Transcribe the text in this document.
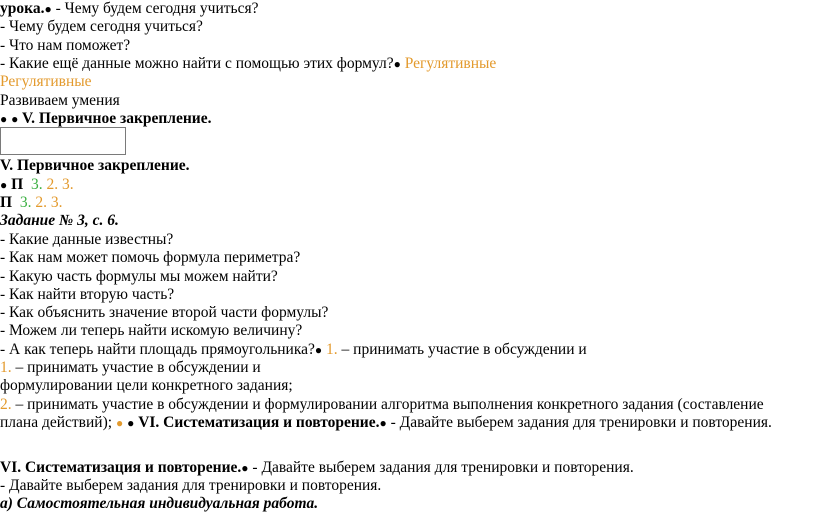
урока.● - Чему будем сегодня учиться?
- Чему будем сегодня учиться?
- Что нам поможет?
- Какие ещё данные можно найти с помощью этих формул?● Регулятивные
Регулятивные
Развиваем умения
● ● V. Первичное закрепление.
V. Первичное закрепление.
● П 3. 2. 3.
П 3. 2. 3.
Задание № 3, с. 6.
- Какие данные известны?
- Как нам может помочь формула периметра?
- Какую часть формулы мы можем найти?
- Как найти вторую часть?
- Как объяснить значение второй части формулы?
- Можем ли теперь найти искомую величину?
- А как теперь найти площадь прямоугольника?● 1. – принимать участие в обсуждении и
1. – принимать участие в обсуждении и
формулировании цели конкретного задания;
2. – принимать участие в обсуждении и формулировании алгоритма выполнения конкретного задания (составление
плана действий); ● ● VI. Систематизация и повторение.● - Давайте выберем задания для тренировки и повторения.
VI. Систематизация и повторение.● - Давайте выберем задания для тренировки и повторения.
- Давайте выберем задания для тренировки и повторения.
а) Самостоятельная индивидуальная работа.
